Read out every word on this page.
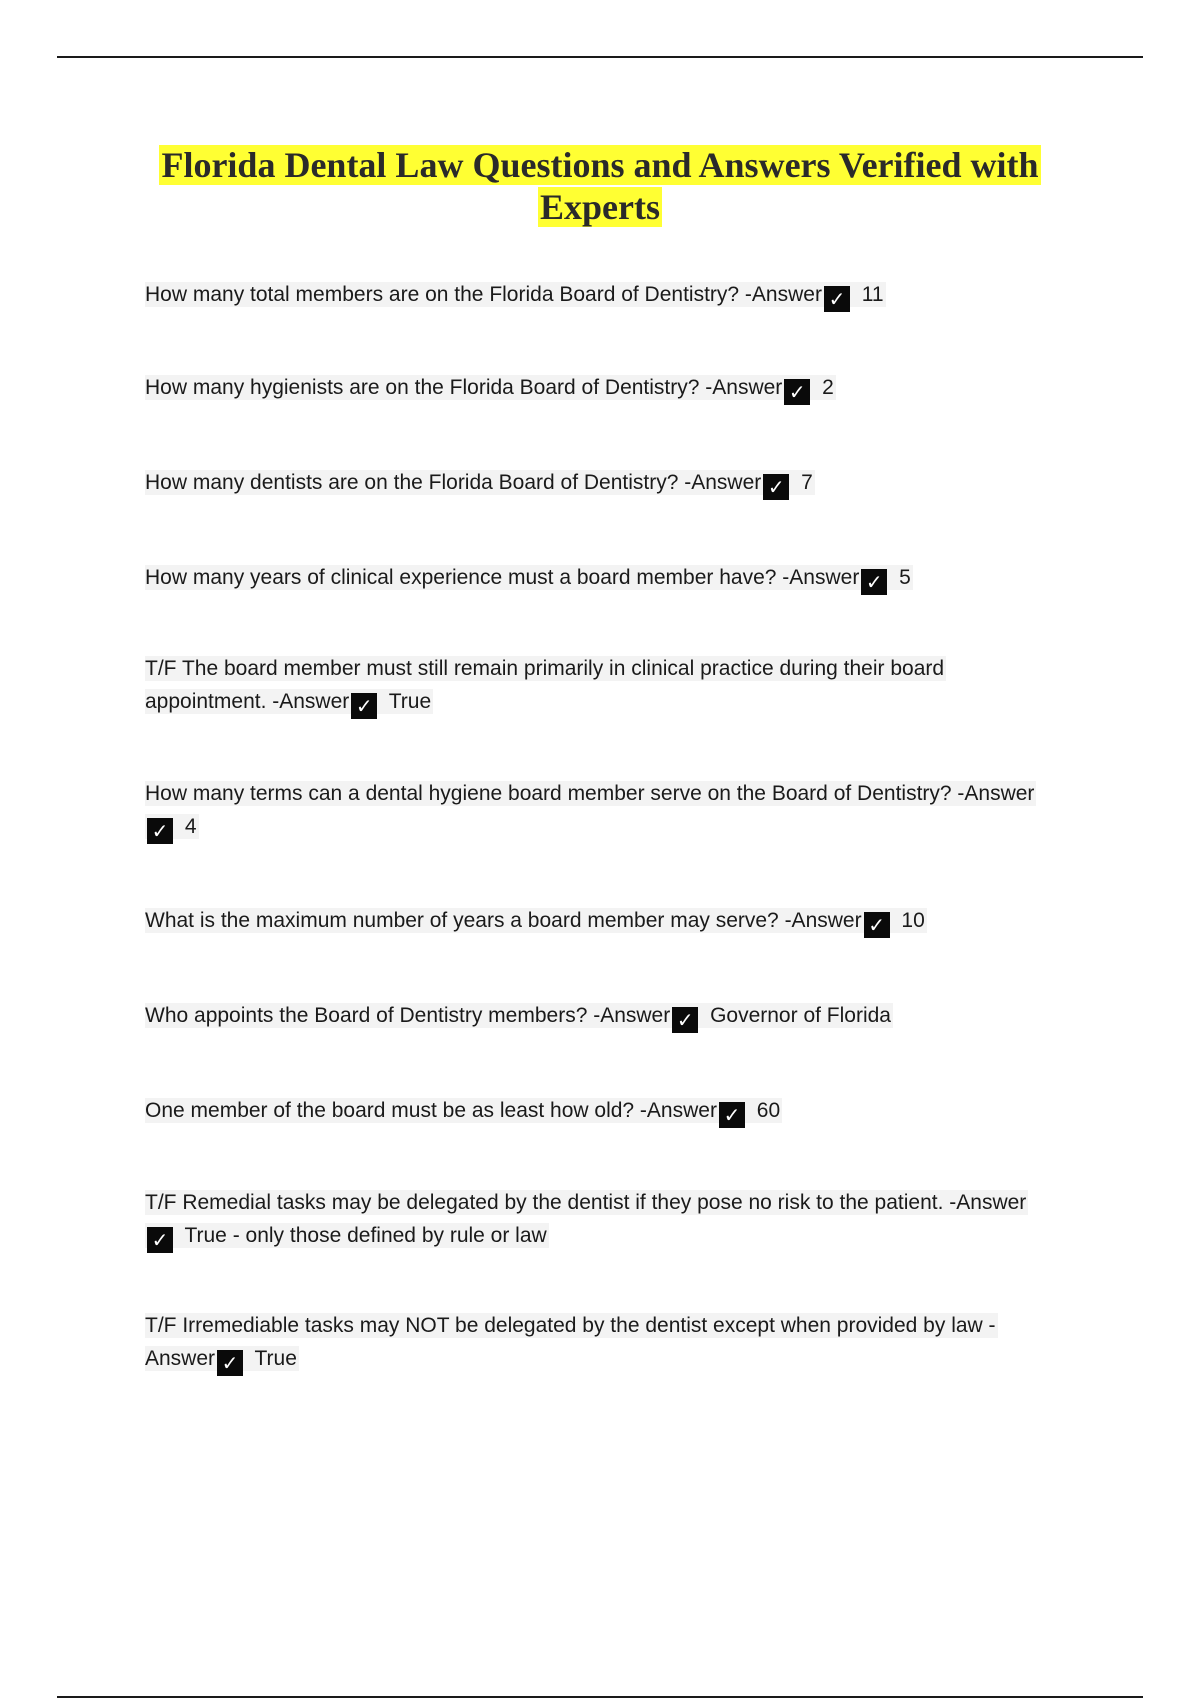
Florida Dental Law Questions and Answers Verified with Experts
How many total members are on the Florida Board of Dentistry? -Answer ✓ 11
How many hygienists are on the Florida Board of Dentistry? -Answer ✓ 2
How many dentists are on the Florida Board of Dentistry? -Answer ✓ 7
How many years of clinical experience must a board member have? -Answer ✓ 5
T/F The board member must still remain primarily in clinical practice during their board appointment. -Answer ✓ True
How many terms can a dental hygiene board member serve on the Board of Dentistry? -Answer✓ 4
What is the maximum number of years a board member may serve? -Answer ✓ 10
Who appoints the Board of Dentistry members? -Answer ✓ Governor of Florida
One member of the board must be as least how old? -Answer ✓ 60
T/F Remedial tasks may be delegated by the dentist if they pose no risk to the patient. -Answer✓ True - only those defined by rule or law
T/F Irremediable tasks may NOT be delegated by the dentist except when provided by law -Answer ✓ True
